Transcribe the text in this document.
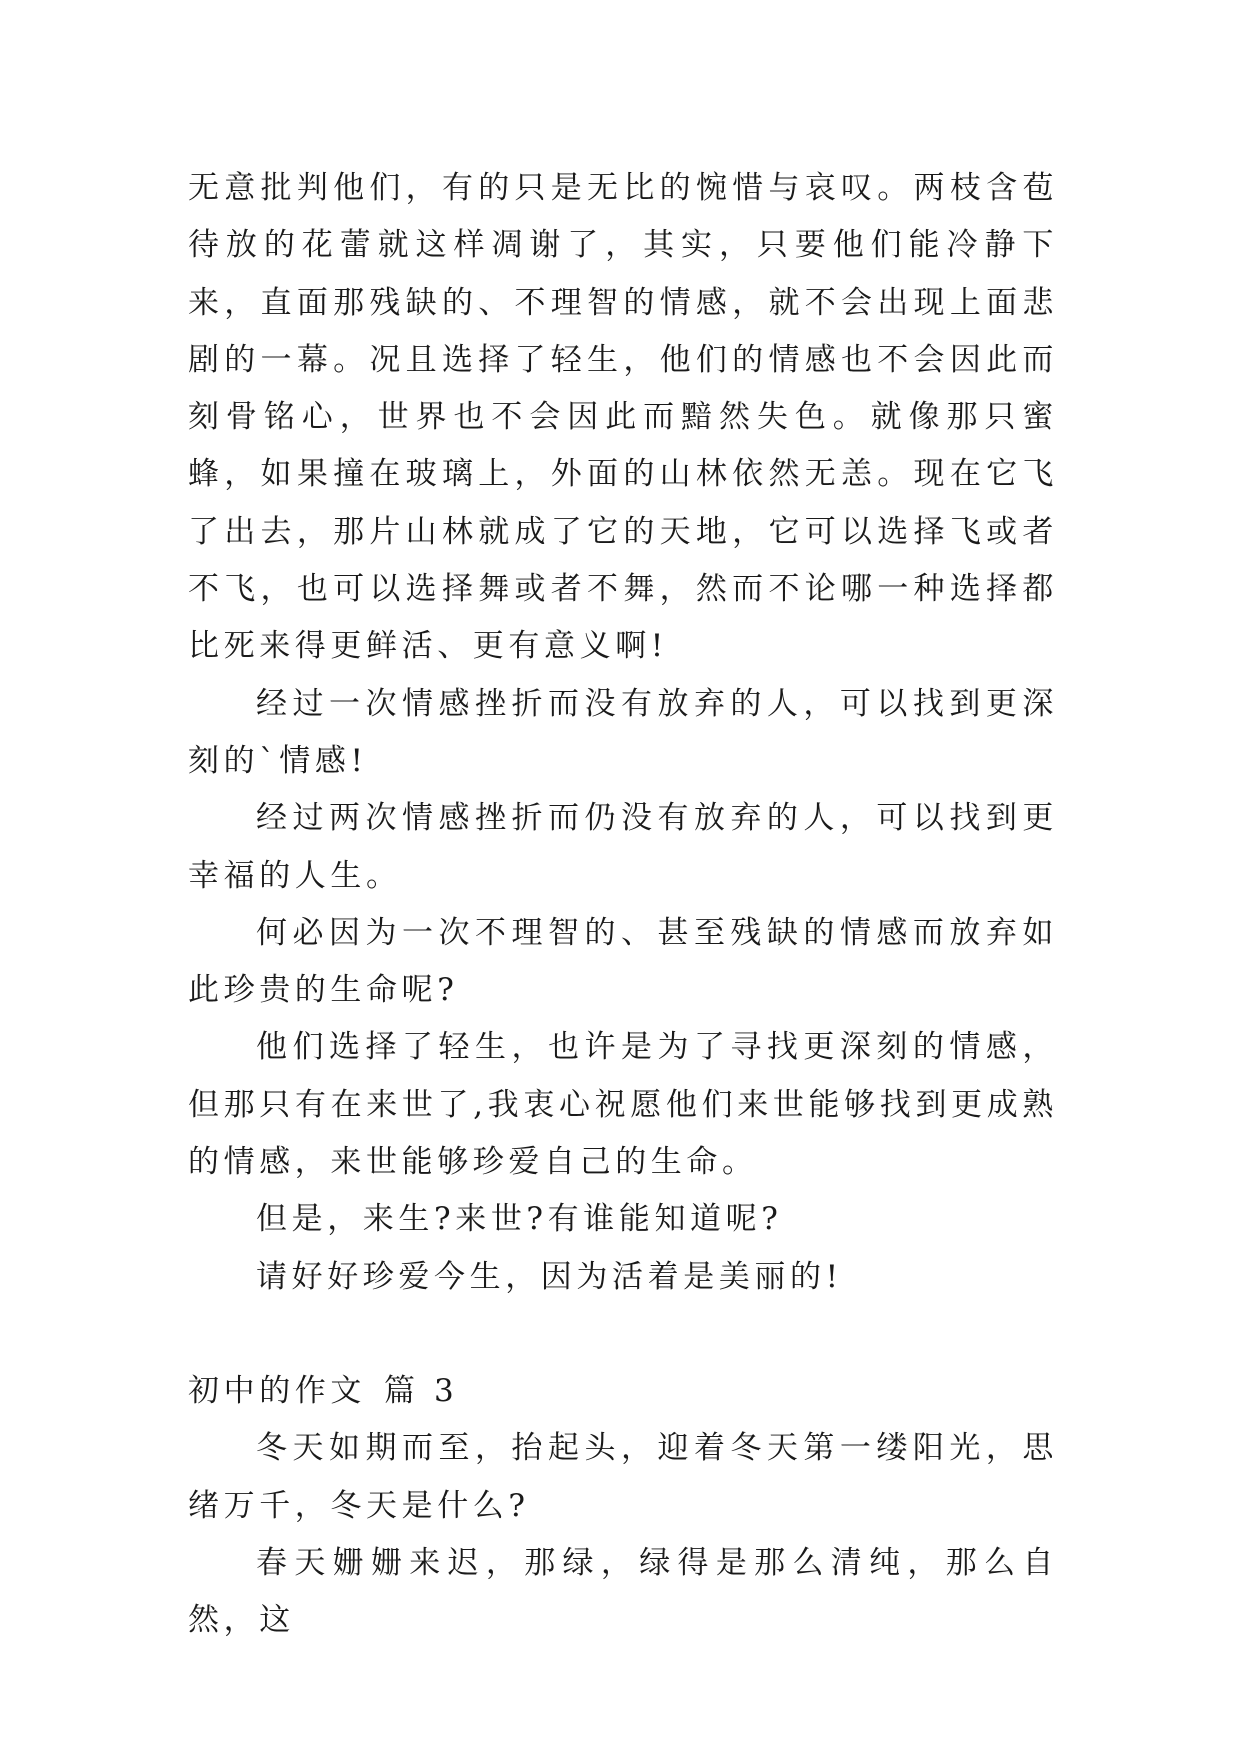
无意批判他们，有的只是无比的惋惜与哀叹。两枝含苞待放的花蕾就这样凋谢了，其实，只要他们能冷静下来，直面那残缺的、不理智的情感，就不会出现上面悲剧的一幕。况且选择了轻生，他们的情感也不会因此而刻骨铭心，世界也不会因此而黯然失色。就像那只蜜蜂，如果撞在玻璃上，外面的山林依然无恙。现在它飞了出去，那片山林就成了它的天地，它可以选择飞或者不飞，也可以选择舞或者不舞，然而不论哪一种选择都比死来得更鲜活、更有意义啊!

经过一次情感挫折而没有放弃的人，可以找到更深刻的`情感!

经过两次情感挫折而仍没有放弃的人，可以找到更幸福的人生。

何必因为一次不理智的、甚至残缺的情感而放弃如此珍贵的生命呢?

他们选择了轻生，也许是为了寻找更深刻的情感，但那只有在来世了,我衷心祝愿他们来世能够找到更成熟的情感，来世能够珍爱自己的生命。

但是，来生?来世?有谁能知道呢?

请好好珍爱今生，因为活着是美丽的!

初中的作文 篇 3

冬天如期而至，抬起头，迎着冬天第一缕阳光，思绪万千，冬天是什么?

春天姗姗来迟，那绿，绿得是那么清纯，那么自然，这
